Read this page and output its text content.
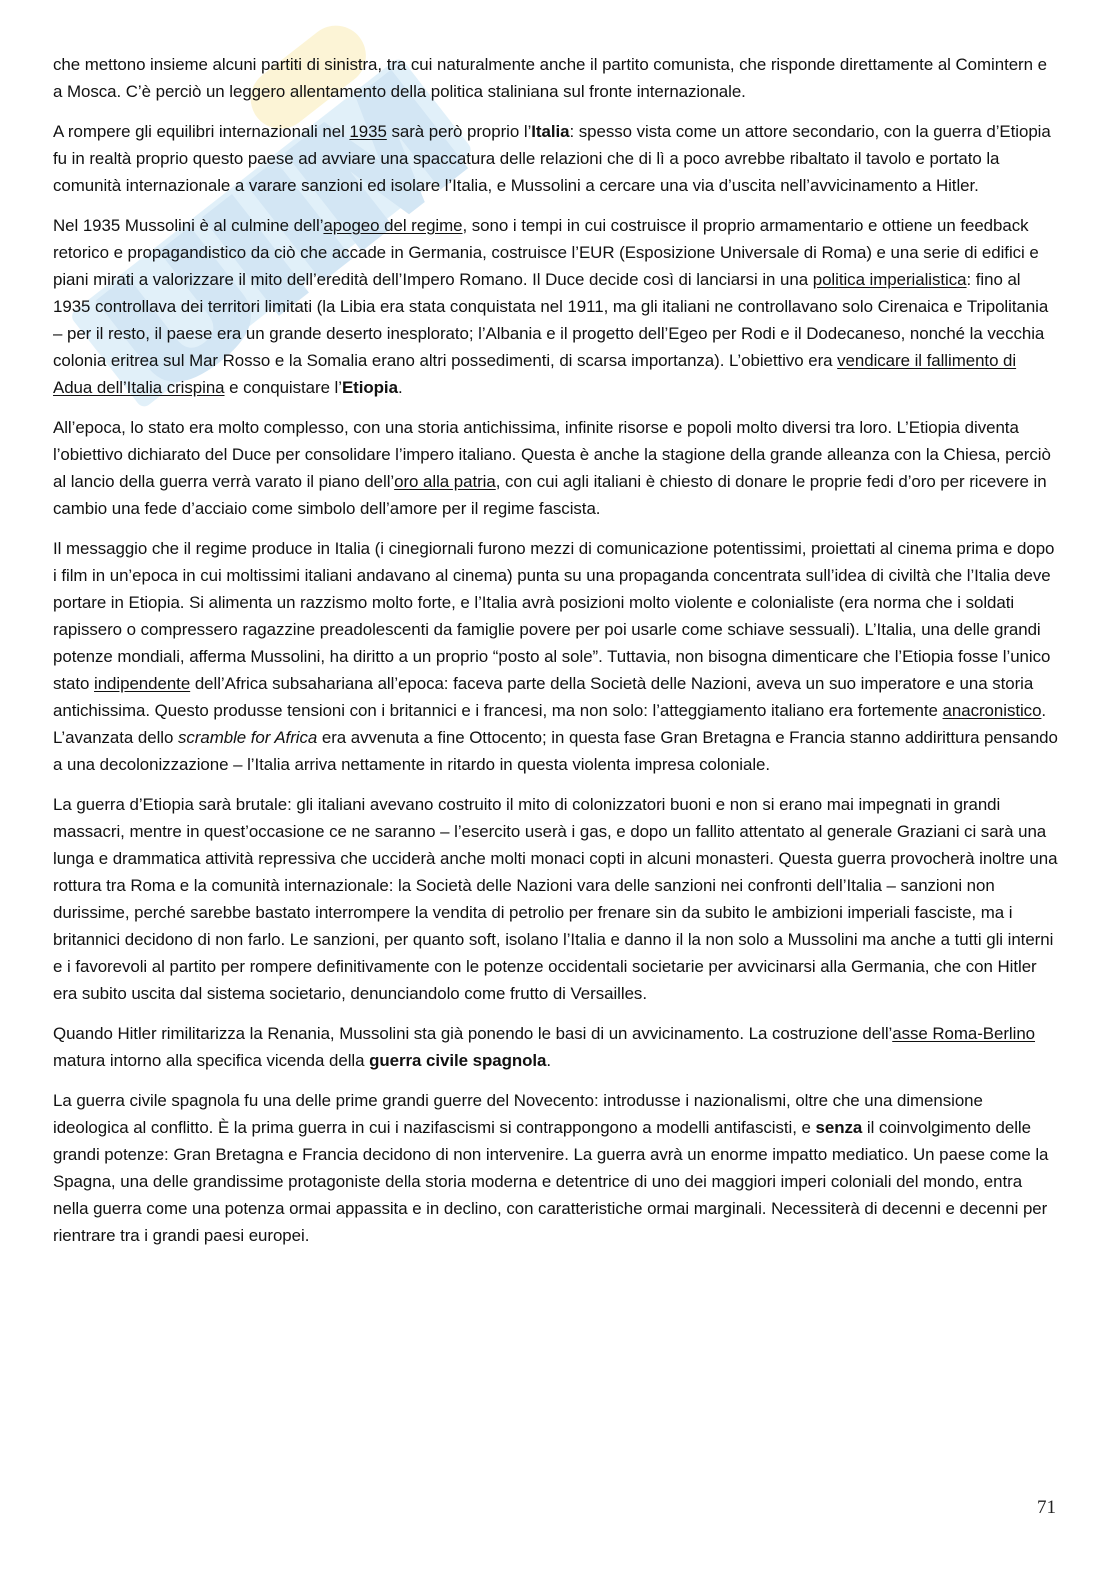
che mettono insieme alcuni partiti di sinistra, tra cui naturalmente anche il partito comunista, che risponde direttamente al Comintern e a Mosca. C’è perciò un leggero allentamento della politica staliniana sul fronte internazionale.

A rompere gli equilibri internazionali nel 1935 sarà però proprio l’Italia: spesso vista come un attore secondario, con la guerra d’Etiopia fu in realtà proprio questo paese ad avviare una spaccatura delle relazioni che di lì a poco avrebbe ribaltato il tavolo e portato la comunità internazionale a varare sanzioni ed isolare l’Italia, e Mussolini a cercare una via d’uscita nell’avvicinamento a Hitler.

Nel 1935 Mussolini è al culmine dell’apogeo del regime, sono i tempi in cui costruisce il proprio armamentario e ottiene un feedback retorico e propagandistico da ciò che accade in Germania, costruisce l’EUR (Esposizione Universale di Roma) e una serie di edifici e piani mirati a valorizzare il mito dell’eredità dell’Impero Romano. Il Duce decide così di lanciarsi in una politica imperialistica: fino al 1935 controllava dei territori limitati (la Libia era stata conquistata nel 1911, ma gli italiani ne controllavano solo Cirenaica e Tripolitania – per il resto, il paese era un grande deserto inesplorato; l’Albania e il progetto dell’Egeo per Rodi e il Dodecaneso, nonché la vecchia colonia eritrea sul Mar Rosso e la Somalia erano altri possedimenti, di scarsa importanza). L’obiettivo era vendicare il fallimento di Adua dell’Italia crispina e conquistare l’Etiopia.

All’epoca, lo stato era molto complesso, con una storia antichissima, infinite risorse e popoli molto diversi tra loro. L’Etiopia diventa l’obiettivo dichiarato del Duce per consolidare l’impero italiano. Questa è anche la stagione della grande alleanza con la Chiesa, perciò al lancio della guerra verrà varato il piano dell’oro alla patria, con cui agli italiani è chiesto di donare le proprie fedi d’oro per ricevere in cambio una fede d’acciaio come simbolo dell’amore per il regime fascista.

Il messaggio che il regime produce in Italia (i cinegiornali furono mezzi di comunicazione potentissimi, proiettati al cinema prima e dopo i film in un’epoca in cui moltissimi italiani andavano al cinema) punta su una propaganda concentrata sull’idea di civiltà che l’Italia deve portare in Etiopia. Si alimenta un razzismo molto forte, e l’Italia avrà posizioni molto violente e colonialiste (era norma che i soldati rapissero o compressero ragazzine preadolescenti da famiglie povere per poi usarle come schiave sessuali). L’Italia, una delle grandi potenze mondiali, afferma Mussolini, ha diritto a un proprio “posto al sole”. Tuttavia, non bisogna dimenticare che l’Etiopia fosse l’unico stato indipendente dell’Africa subsahariana all’epoca: faceva parte della Società delle Nazioni, aveva un suo imperatore e una storia antichissima. Questo produsse tensioni con i britannici e i francesi, ma non solo: l’atteggiamento italiano era fortemente anacronistico. L’avanzata dello scramble for Africa era avvenuta a fine Ottocento; in questa fase Gran Bretagna e Francia stanno addirittura pensando a una decolonizzazione – l’Italia arriva nettamente in ritardo in questa violenta impresa coloniale.

La guerra d’Etiopia sarà brutale: gli italiani avevano costruito il mito di colonizzatori buoni e non si erano mai impegnati in grandi massacri, mentre in quest’occasione ce ne saranno – l’esercito userà i gas, e dopo un fallito attentato al generale Graziani ci sarà una lunga e drammatica attività repressiva che ucciderà anche molti monaci copti in alcuni monasteri. Questa guerra provocherà inoltre una rottura tra Roma e la comunità internazionale: la Società delle Nazioni vara delle sanzioni nei confronti dell’Italia – sanzioni non durissime, perché sarebbe bastato interrompere la vendita di petrolio per frenare sin da subito le ambizioni imperiali fasciste, ma i britannici decidono di non farlo. Le sanzioni, per quanto soft, isolano l’Italia e danno il la non solo a Mussolini ma anche a tutti gli interni e i favorevoli al partito per rompere definitivamente con le potenze occidentali societarie per avvicinarsi alla Germania, che con Hitler era subito uscita dal sistema societario, denunciandolo come frutto di Versailles.

Quando Hitler rimilitarizza la Renania, Mussolini sta già ponendo le basi di un avvicinamento. La costruzione dell’asse Roma-Berlino matura intorno alla specifica vicenda della guerra civile spagnola.

La guerra civile spagnola fu una delle prime grandi guerre del Novecento: introdusse i nazionalismi, oltre che una dimensione ideologica al conflitto. È la prima guerra in cui i nazifascismi si contrappongono a modelli antifascisti, e senza il coinvolgimento delle grandi potenze: Gran Bretagna e Francia decidono di non intervenire. La guerra avrà un enorme impatto mediatico. Un paese come la Spagna, una delle grandissime protagoniste della storia moderna e detentrice di uno dei maggiori imperi coloniali del mondo, entra nella guerra come una potenza ormai appassita e in declino, con caratteristiche ormai marginali. Necessiterà di decenni e decenni per rientrare tra i grandi paesi europei.

71
